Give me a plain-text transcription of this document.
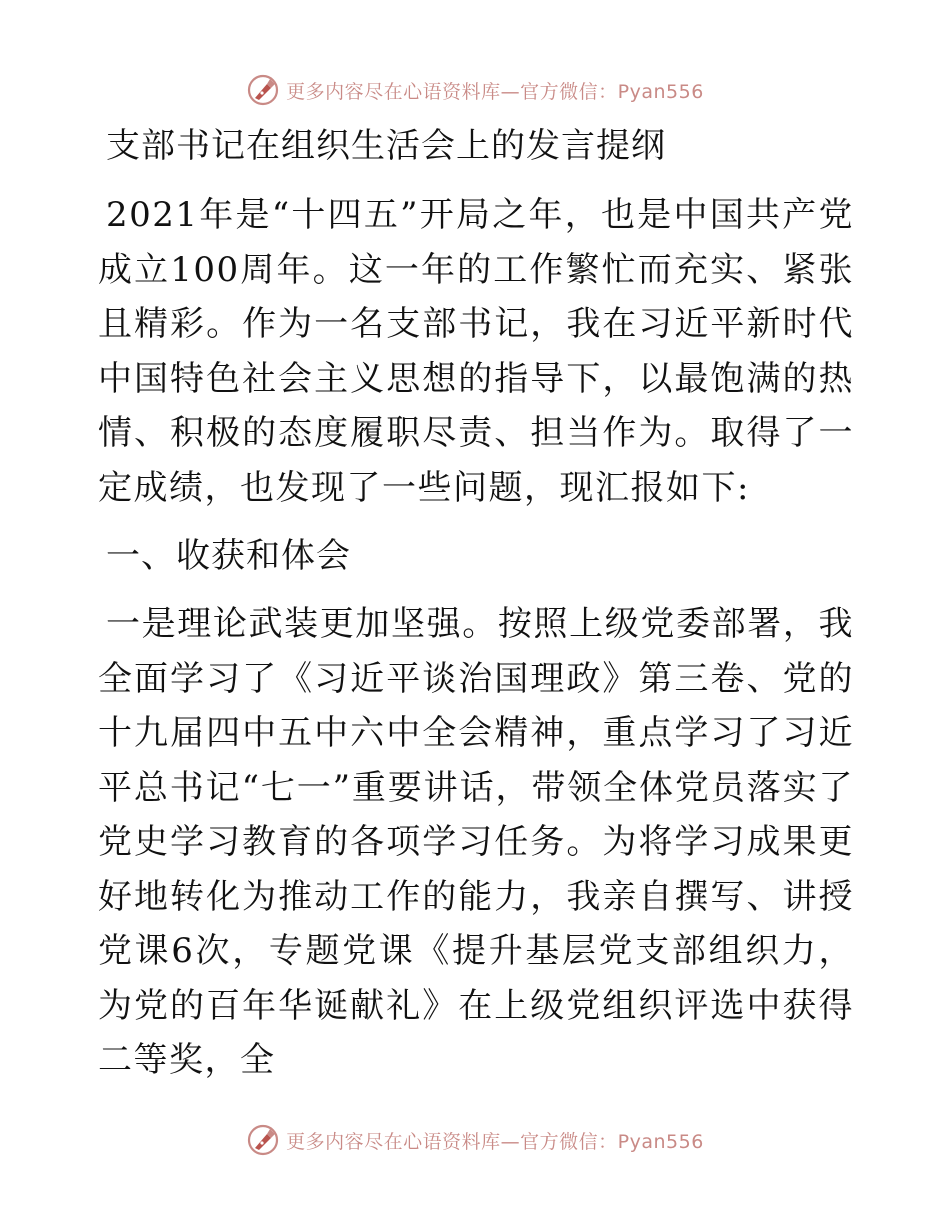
更多内容尽在心语资料库—官方微信：Pyan556
支部书记在组织生活会上的发言提纲

2021年是“十四五”开局之年，也是中国共产党成立100周年。这一年的工作繁忙而充实、紧张且精彩。作为一名支部书记，我在习近平新时代中国特色社会主义思想的指导下，以最饱满的热情、积极的态度履职尽责、担当作为。取得了一定成绩，也发现了一些问题，现汇报如下:

一、收获和体会

一是理论武装更加坚强。按照上级党委部署，我全面学习了《习近平谈治国理政》第三卷、党的十九届四中五中六中全会精神，重点学习了习近平总书记“七一”重要讲话，带领全体党员落实了党史学习教育的各项学习任务。为将学习成果更好地转化为推动工作的能力，我亲自撰写、讲授党课6次，专题党课《提升基层党支部组织力，为党的百年华诞献礼》在上级党组织评选中获得二等奖，全

更多内容尽在心语资料库—官方微信：Pyan556
